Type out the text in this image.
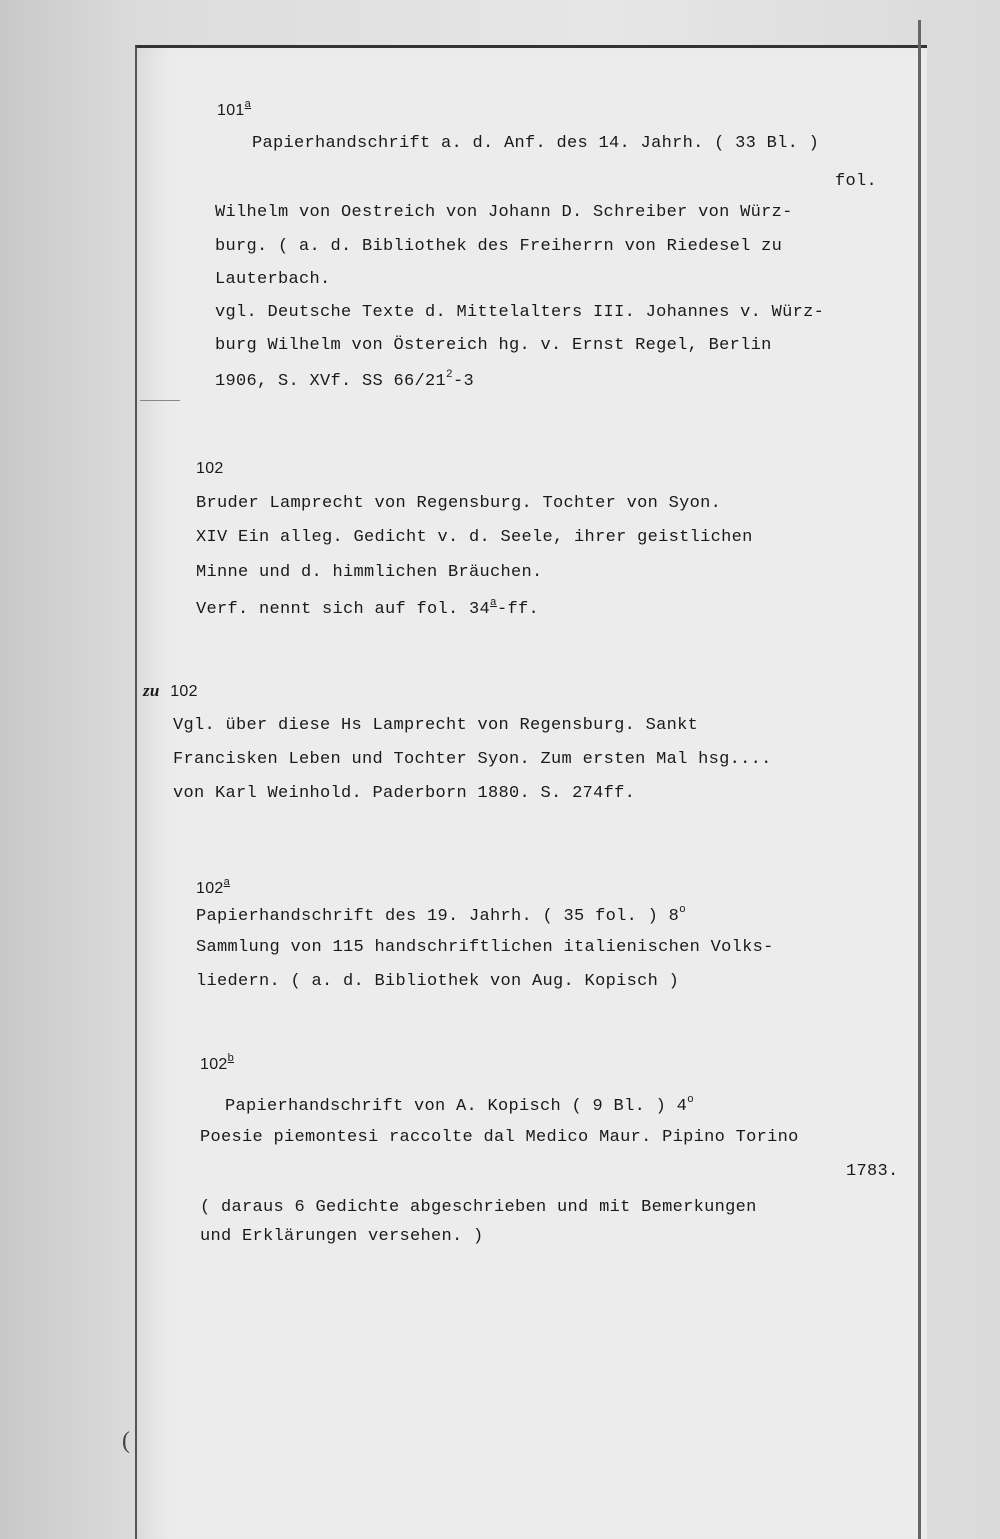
101$^a$
Papierhandschrift a. d. Anf. des 14. Jahrh. ( 33 Bl. )
fol.
Wilhelm von Oestreich von Johann D. Schreiber von Würz-
burg. ( a. d. Bibliothek des Freiherrn von Riedesel zu
Lauterbach.
vgl. Deutsche Texte d. Mittelalters III. Johannes v. Würz-
burg Wilhelm von Östereich hg. v. Ernst Regel, Berlin
1906, S. XVf. SS $66/21^2-3$
102
Bruder Lamprecht von Regensburg. Tochter von Syon.
XIV Ein alleg. Gedicht v. d. Seele, ihrer geistlichen
Minne und d. himmlichen Bräuchen.
Verf. nennt sich auf fol. 34$^a$-ff.
zu 102
Vgl. über diese Hs Lamprecht von Regensburg. Sankt
Francisken Leben und Tochter Syon. Zum ersten Mal hsg....
von Karl Weinhold. Paderborn 1880. S. 274ff.
102$^a$
Papierhandschrift des 19. Jahrh. ( 35 fol. ) 8$^o$
Sammlung von 115 handschriftlichen italienischen Volks-
liedern. ( a. d. Bibliothek von Aug. Kopisch )
102$^b$
Papierhandschrift von A. Kopisch ( 9 Bl. ) 4$^o$
Poesie piemontesi raccolte dal Medico Maur. Pipino Torino
1783.
( daraus 6 Gedichte abgeschrieben und mit Bemerkungen
und Erklärungen versehen. )
(
